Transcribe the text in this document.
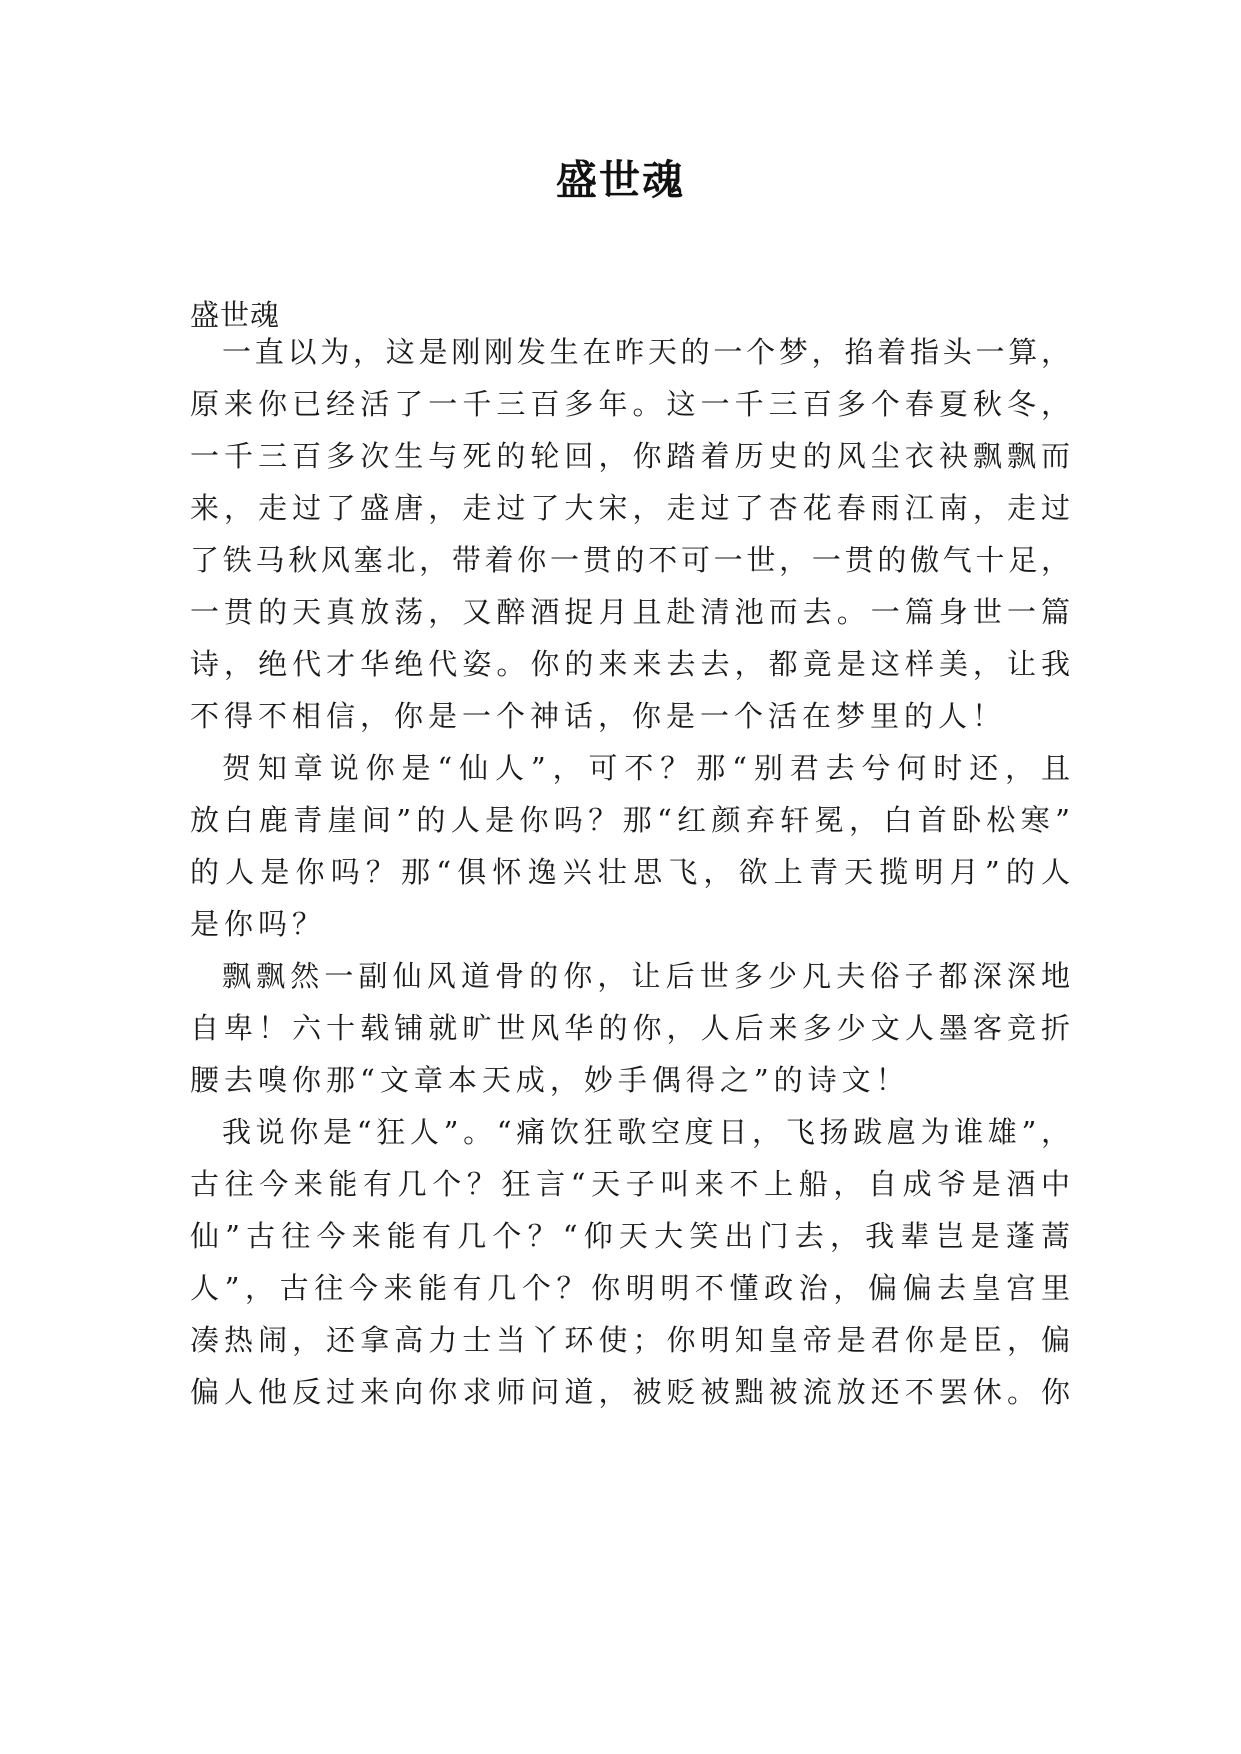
盛世魂
盛世魂
一直以为，这是刚刚发生在昨天的一个梦，掐着指头一算，
原来你已经活了一千三百多年。这一千三百多个春夏秋冬，
一千三百多次生与死的轮回，你踏着历史的风尘衣袂飘飘而
来，走过了盛唐，走过了大宋，走过了杏花春雨江南，走过
了铁马秋风塞北，带着你一贯的不可一世，一贯的傲气十足，
一贯的天真放荡，又醉酒捉月且赴清池而去。一篇身世一篇
诗，绝代才华绝代姿。你的来来去去，都竟是这样美，让我
不得不相信，你是一个神话，你是一个活在梦里的人！
贺知章说你是“仙人”，可不？那“别君去兮何时还，且
放白鹿青崖间”的人是你吗？那“红颜弃轩冕，白首卧松寒”
的人是你吗？那“俱怀逸兴壮思飞，欲上青天揽明月”的人
是你吗？
飘飘然一副仙风道骨的你，让后世多少凡夫俗子都深深地
自卑！六十载铺就旷世风华的你，人后来多少文人墨客竞折
腰去嗅你那“文章本天成，妙手偶得之”的诗文！
我说你是“狂人”。“痛饮狂歌空度日，飞扬跋扈为谁雄”，
古往今来能有几个？狂言“天子叫来不上船，自成爷是酒中
仙”古往今来能有几个？“仰天大笑出门去，我辈岂是蓬蒿
人”，古往今来能有几个？你明明不懂政治，偏偏去皇宫里
凑热闹，还拿高力士当丫环使；你明知皇帝是君你是臣，偏
偏人他反过来向你求师问道，被贬被黜被流放还不罢休。你
